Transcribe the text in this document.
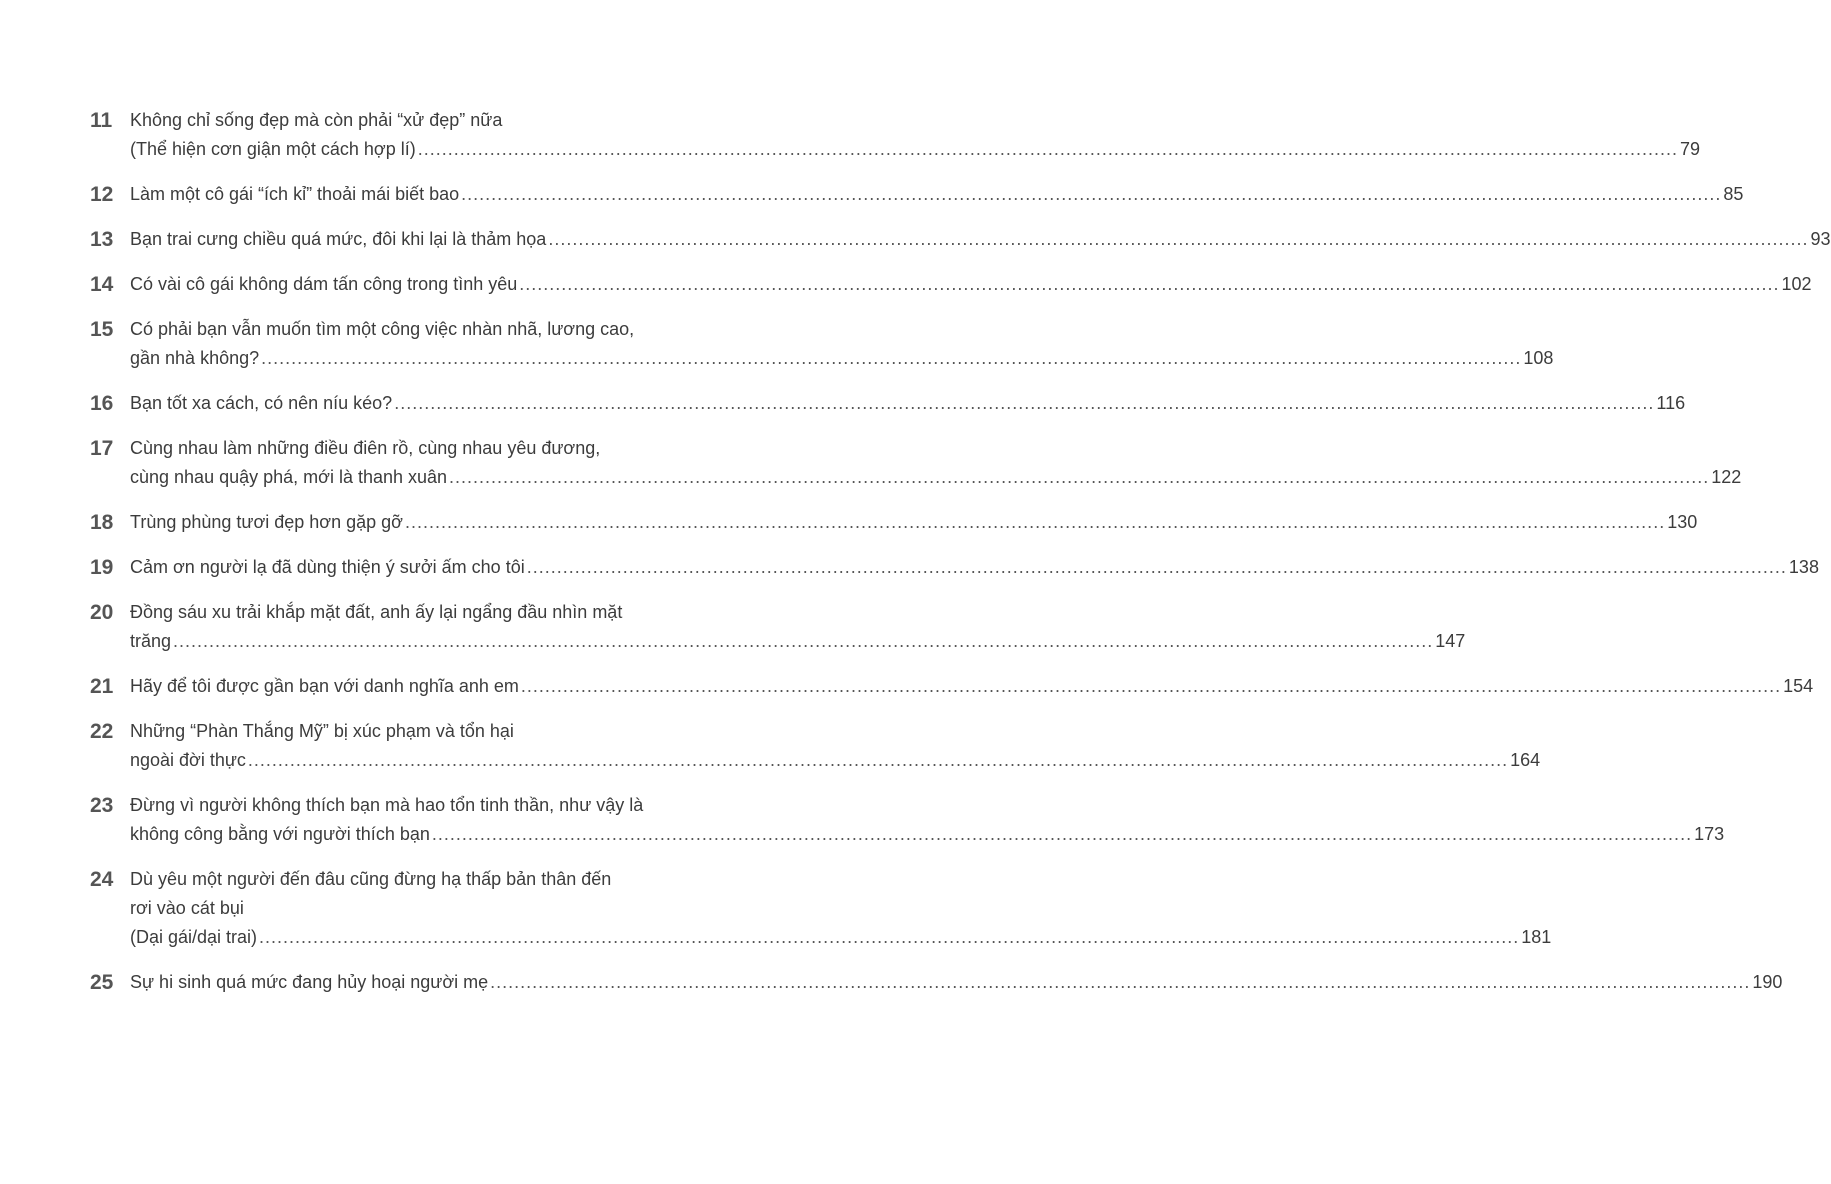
11 Không chỉ sống đẹp mà còn phải “xử đẹp” nữa
(Thể hiện cơn giận một cách hợp lí) .....	79
12 Làm một cô gái “ích kỉ” thoải mái biết bao .....	85
13 Bạn trai cưng chiều quá mức, đôi khi lại là thảm họa .....	93
14 Có vài cô gái không dám tấn công trong tình yêu .....	102
15 Có phải bạn vẫn muốn tìm một công việc nhàn nhã, lương cao,
gần nhà không? .....	108
16 Bạn tốt xa cách, có nên níu kéo? .....	116
17 Cùng nhau làm những điều điên rồ, cùng nhau yêu đương,
cùng nhau quậy phá, mới là thanh xuân .....	122
18 Trùng phùng tươi đẹp hơn gặp gỡ .....	130
19 Cảm ơn người lạ đã dùng thiện ý sưởi ấm cho tôi .....	138
20 Đồng sáu xu trải khắp mặt đất, anh ấy lại ngẩng đầu nhìn mặt
trăng .....	147
21 Hãy để tôi được gần bạn với danh nghĩa anh em .....	154
22 Những “Phàn Thắng Mỹ” bị xúc phạm và tổn hại
ngoài đời thực .....	164
23 Đừng vì người không thích bạn mà hao tổn tinh thần, như vậy là
không công bằng với người thích bạn .....	173
24 Dù yêu một người đến đâu cũng đừng hạ thấp bản thân đến
rơi vào cát bụi
(Dại gái/dại trai) .....	181
25 Sự hi sinh quá mức đang hủy hoại người mẹ .....	190
